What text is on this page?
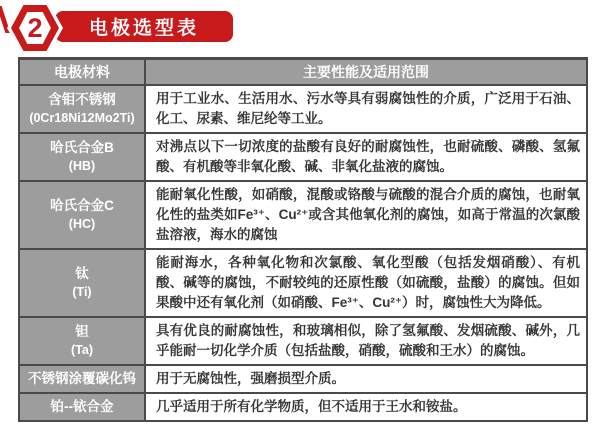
电极选型表
2
电极材料	主要性能及适用范围

含钼不锈钢
(0Cr18Ni12Mo2Ti)	用于工业水、生活用水、污水等具有弱腐蚀性的介质，广泛用于石油、化工、尿素、维尼纶等工业。

哈氏合金B
(HB)	对沸点以下一切浓度的盐酸有良好的耐腐蚀性，也耐硫酸、磷酸、氢氟酸、有机酸等非氧化酸、碱、非氧化盐液的腐蚀。

哈氏合金C
(HC)	能耐氧化性酸，如硝酸，混酸或铬酸与硫酸的混合介质的腐蚀，也耐氧化性的盐类如Fe³⁺、Cu²⁺或含其他氧化剂的腐蚀，如高于常温的次氯酸盐溶液，海水的腐蚀

钛
(Ti)	能耐海水，各种氧化物和次氯酸、氧化型酸（包括发烟硝酸）、有机酸、碱等的腐蚀，不耐较纯的还原性酸（如硫酸，盐酸）的腐蚀。但如果酸中还有氧化剂（如硝酸、Fe³⁺、Cu²⁺）时，腐蚀性大为降低。

钽
(Ta)	具有优良的耐腐蚀性，和玻璃相似，除了氢氟酸、发烟硫酸、碱外，几乎能耐一切化学介质（包括盐酸，硝酸，硫酸和王水）的腐蚀。

不锈钢涂覆碳化钨	用于无腐蚀性，强磨损型介质。

铂--铱合金	几乎适用于所有化学物质，但不适用于王水和铵盐。
